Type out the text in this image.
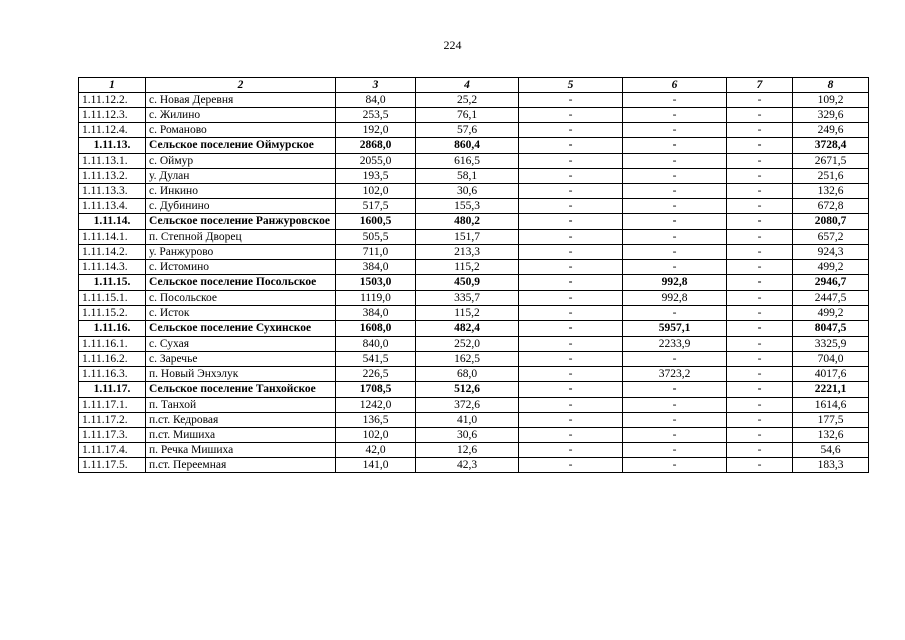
224
1	2	3	4	5	6	7	8
1.11.12.2.	с. Новая Деревня	84,0	25,2	-	-	-	109,2
1.11.12.3.	с. Жилино	253,5	76,1	-	-	-	329,6
1.11.12.4.	с. Романово	192,0	57,6	-	-	-	249,6
1.11.13.	Сельское поселение Оймурское	2868,0	860,4	-	-	-	3728,4
1.11.13.1.	с. Оймур	2055,0	616,5	-	-	-	2671,5
1.11.13.2.	у. Дулан	193,5	58,1	-	-	-	251,6
1.11.13.3.	с. Инкино	102,0	30,6	-	-	-	132,6
1.11.13.4.	с. Дубинино	517,5	155,3	-	-	-	672,8
1.11.14.	Сельское поселение Ранжуровское	1600,5	480,2	-	-	-	2080,7
1.11.14.1.	п. Степной Дворец	505,5	151,7	-	-	-	657,2
1.11.14.2.	у. Ранжурово	711,0	213,3	-	-	-	924,3
1.11.14.3.	с. Истомино	384,0	115,2	-	-	-	499,2
1.11.15.	Сельское поселение Посольское	1503,0	450,9	-	992,8	-	2946,7
1.11.15.1.	с. Посольское	1119,0	335,7	-	992,8	-	2447,5
1.11.15.2.	с. Исток	384,0	115,2	-	-	-	499,2
1.11.16.	Сельское поселение Сухинское	1608,0	482,4	-	5957,1	-	8047,5
1.11.16.1.	с. Сухая	840,0	252,0	-	2233,9	-	3325,9
1.11.16.2.	с. Заречье	541,5	162,5	-	-	-	704,0
1.11.16.3.	п. Новый Энхэлук	226,5	68,0	-	3723,2	-	4017,6
1.11.17.	Сельское поселение Танхойское	1708,5	512,6	-	-	-	2221,1
1.11.17.1.	п. Танхой	1242,0	372,6	-	-	-	1614,6
1.11.17.2.	п.ст. Кедровая	136,5	41,0	-	-	-	177,5
1.11.17.3.	п.ст. Мишиха	102,0	30,6	-	-	-	132,6
1.11.17.4.	п. Речка Мишиха	42,0	12,6	-	-	-	54,6
1.11.17.5.	п.ст. Переемная	141,0	42,3	-	-	-	183,3
